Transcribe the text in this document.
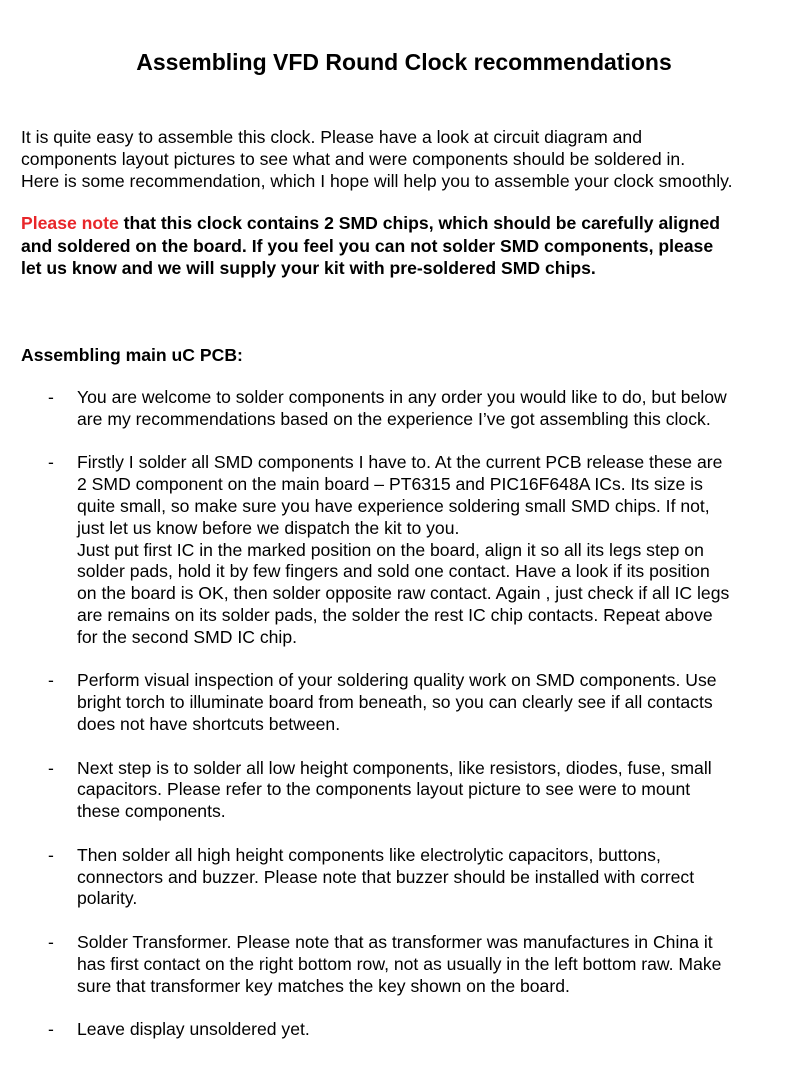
Assembling VFD Round Clock recommendations
It is quite easy to assemble this clock. Please have a look at circuit diagram and
components layout pictures to see what and were components should be soldered in.
Here is some recommendation, which I hope will help you to assemble your clock smoothly.
Please note that this clock contains 2 SMD chips, which should be carefully aligned
and soldered on the board. If you feel you can not solder SMD components, please
let us know and we will supply your kit with pre-soldered SMD chips.
Assembling main uC PCB:
- You are welcome to solder components in any order you would like to do, but below
are my recommendations based on the experience I’ve got assembling this clock.
- Firstly I solder all SMD components I have to. At the current PCB release these are
2 SMD component on the main board – PT6315 and PIC16F648A ICs. Its size is
quite small, so make sure you have experience soldering small SMD chips. If not,
just let us know before we dispatch the kit to you.
Just put first IC in the marked position on the board, align it so all its legs step on
solder pads, hold it by few fingers and sold one contact. Have a look if its position
on the board is OK, then solder opposite raw contact. Again , just check if all IC legs
are remains on its solder pads, the solder the rest IC chip contacts. Repeat above
for the second SMD IC chip.
- Perform visual inspection of your soldering quality work on SMD components. Use
bright torch to illuminate board from beneath, so you can clearly see if all contacts
does not have shortcuts between.
- Next step is to solder all low height components, like resistors, diodes, fuse, small
capacitors. Please refer to the components layout picture to see were to mount
these components.
- Then solder all high height components like electrolytic capacitors, buttons,
connectors and buzzer. Please note that buzzer should be installed with correct
polarity.
- Solder Transformer. Please note that as transformer was manufactures in China it
has first contact on the right bottom row, not as usually in the left bottom raw. Make
sure that transformer key matches the key shown on the board.
- Leave display unsoldered yet.
